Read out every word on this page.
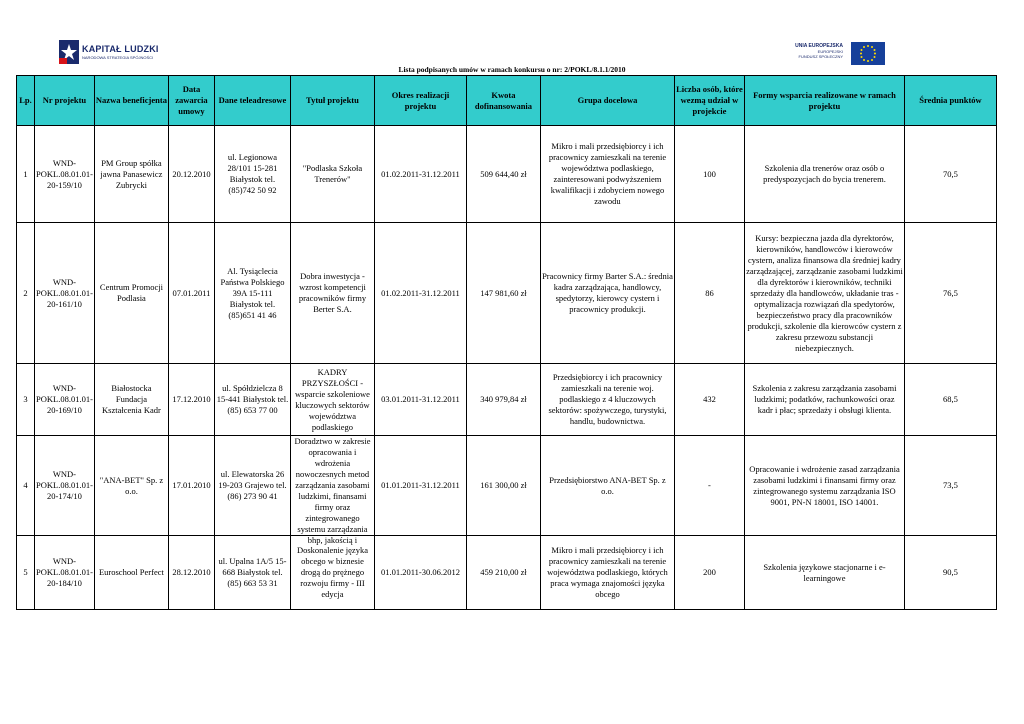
KAPITAŁ LUDZKI
NARODOWA STRATEGIA SPÓJNOŚCI
UNIA EUROPEJSKA
EUROPEJSKI
FUNDUSZ SPOŁECZNY
Lista podpisanych umów w ramach konkursu o nr: 2/POKL/8.1.1/2010
Lp.	Nr projektu	Nazwa beneficjenta	Data zawarcia umowy	Dane teleadresowe	Tytuł projektu	Okres realizacji projektu	Kwota dofinansowania	Grupa docelowa	Liczba osób, które wezmą udział w projekcie	Formy wsparcia realizowane w ramach projektu	Średnia punktów
1	WND-POKL.08.01.01-20-159/10	PM Group spółka jawna Panasewicz Zubrycki	20.12.2010	ul. Legionowa 28/101 15-281 Białystok tel. (85)742 50 92	"Podlaska Szkoła Trenerów"	01.02.2011-31.12.2011	509 644,40 zł	Mikro i mali przedsiębiorcy i ich pracownicy zamieszkali na terenie województwa podlaskiego, zainteresowani podwyższeniem kwalifikacji i zdobyciem nowego zawodu	100	Szkolenia dla trenerów oraz osób o predyspozycjach do bycia trenerem.	70,5
2	WND-POKL.08.01.01-20-161/10	Centrum Promocji Podlasia	07.01.2011	Al. Tysiąclecia Państwa Polskiego 39A 15-111 Białystok tel. (85)651 41 46	Dobra inwestycja - wzrost kompetencji pracowników firmy Berter S.A.	01.02.2011-31.12.2011	147 981,60 zł	Pracownicy firmy Barter S.A.: średnia kadra zarządzająca, handlowcy, spedytorzy, kierowcy cystern i pracownicy produkcji.	86	Kursy: bezpieczna jazda dla dyrektorów, kierowników, handlowców i kierowców cystern, analiza finansowa dla średniej kadry zarządzającej, zarządzanie zasobami ludzkimi dla dyrektorów i kierowników, techniki sprzedaży dla handlowców, układanie tras - optymalizacja rozwiązań dla spedytorów, bezpieczeństwo pracy dla pracowników produkcji, szkolenie dla kierowców cystern z zakresu przewozu substancji niebezpiecznych.	76,5
3	WND-POKL.08.01.01-20-169/10	Białostocka Fundacja Kształcenia Kadr	17.12.2010	ul. Spółdzielcza 8 15-441 Białystok tel. (85) 653 77 00	KADRY PRZYSZŁOŚCI - wsparcie szkoleniowe kluczowych sektorów województwa podlaskiego	03.01.2011-31.12.2011	340 979,84 zł	Przedsiębiorcy i ich pracownicy zamieszkali na terenie woj. podlaskiego z 4 kluczowych sektorów: spożywczego, turystyki, handlu, budownictwa.	432	Szkolenia z zakresu zarządzania zasobami ludzkimi; podatków, rachunkowości oraz kadr i płac; sprzedaży i obsługi klienta.	68,5
4	WND-POKL.08.01.01-20-174/10	"ANA-BET" Sp. z o.o.	17.01.2010	ul. Elewatorska 26 19-203 Grajewo tel. (86) 273 90 41	Doradztwo w zakresie opracowania i wdrożenia nowoczesnych metod zarządzania zasobami ludzkimi, finansami firmy oraz zintegrowanego systemu zarządzania bhp, jakością i	01.01.2011-31.12.2011	161 300,00 zł	Przedsiębiorstwo ANA-BET Sp. z o.o.	-	Opracowanie i wdrożenie zasad zarządzania zasobami ludzkimi i finansami firmy oraz zintegrowanego systemu zarządzania ISO 9001, PN-N 18001, ISO 14001.	73,5
5	WND-POKL.08.01.01-20-184/10	Euroschool Perfect	28.12.2010	ul. Upalna 1A/5 15-668 Białystok tel. (85) 663 53 31	Doskonalenie języka obcego w biznesie drogą do prężnego rozwoju firmy - III edycja	01.01.2011-30.06.2012	459 210,00 zł	Mikro i mali przedsiębiorcy i ich pracownicy zamieszkali na terenie województwa podlaskiego, których praca wymaga znajomości języka obcego	200	Szkolenia językowe stacjonarne i e-learningowe	90,5
